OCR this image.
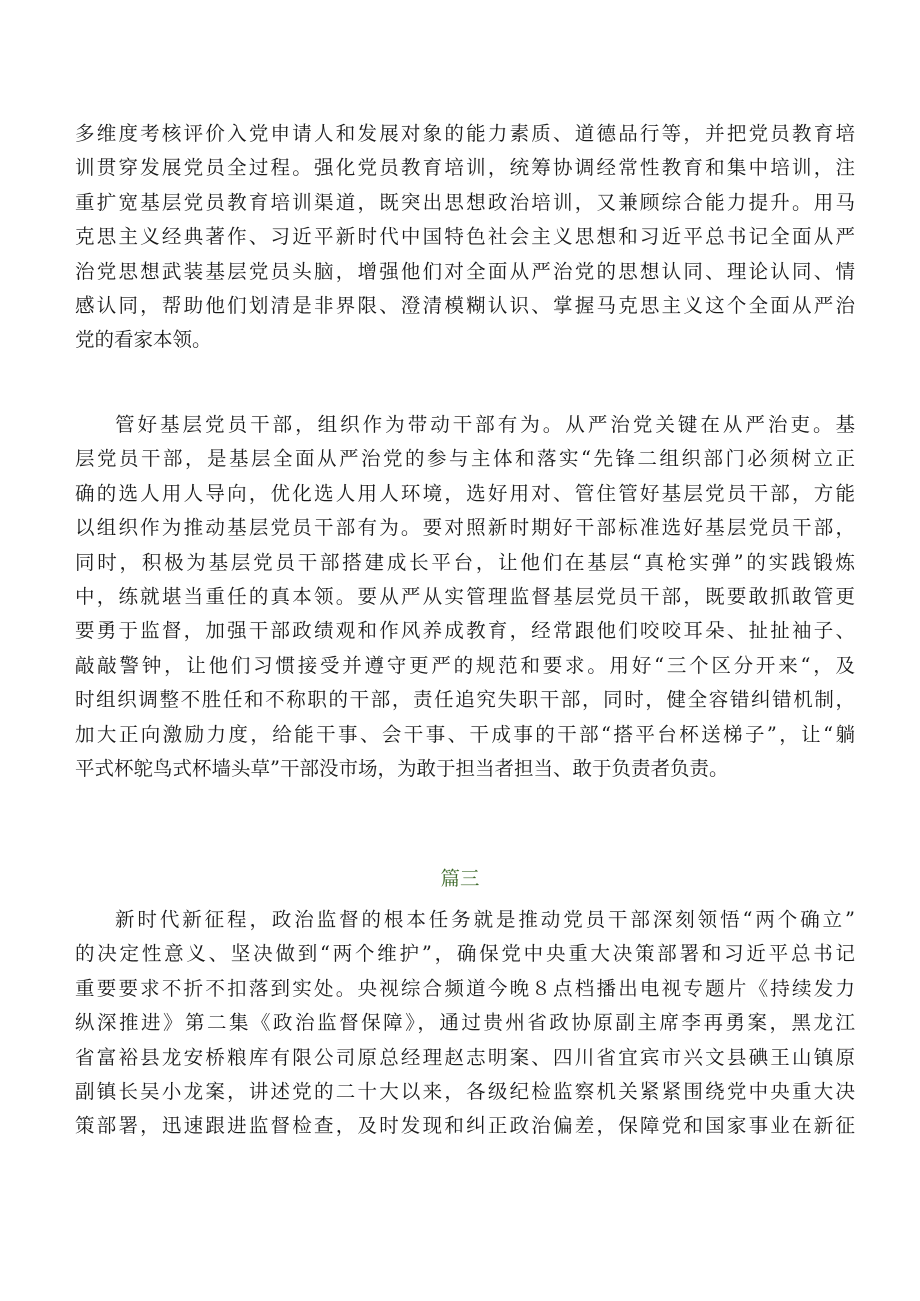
多维度考核评价入党申请人和发展对象的能力素质、道德品行等，并把党员教育培
训贯穿发展党员全过程。强化党员教育培训，统筹协调经常性教育和集中培训，注
重扩宽基层党员教育培训渠道，既突出思想政治培训，又兼顾综合能力提升。用马
克思主义经典著作、习近平新时代中国特色社会主义思想和习近平总书记全面从严
治党思想武装基层党员头脑，增强他们对全面从严治党的思想认同、理论认同、情
感认同，帮助他们划清是非界限、澄清模糊认识、掌握马克思主义这个全面从严治
党的看家本领。
管好基层党员干部，组织作为带动干部有为。从严治党关键在从严治吏。基
层党员干部，是基层全面从严治党的参与主体和落实“先锋二组织部门必须树立正
确的选人用人导向，优化选人用人环境，选好用对、管住管好基层党员干部，方能
以组织作为推动基层党员干部有为。要对照新时期好干部标准选好基层党员干部，
同时，积极为基层党员干部搭建成长平台，让他们在基层“真枪实弹”的实践锻炼
中，练就堪当重任的真本领。要从严从实管理监督基层党员干部，既要敢抓敢管更
要勇于监督，加强干部政绩观和作风养成教育，经常跟他们咬咬耳朵、扯扯袖子、
敲敲警钟，让他们习惯接受并遵守更严的规范和要求。用好“三个区分开来“，及
时组织调整不胜任和不称职的干部，责任追究失职干部，同时，健全容错纠错机制，
加大正向激励力度，给能干事、会干事、干成事的干部“搭平台杯送梯子”，让“躺
平式杯鸵鸟式杯墙头草”干部没市场，为敢于担当者担当、敢于负责者负责。
篇三
新时代新征程，政治监督的根本任务就是推动党员干部深刻领悟“两个确立”
的决定性意义、坚决做到“两个维护”，确保党中央重大决策部署和习近平总书记
重要要求不折不扣落到实处。央视综合频道今晚８点档播出电视专题片《持续发力
纵深推进》第二集《政治监督保障》，通过贵州省政协原副主席李再勇案，黑龙江
省富裕县龙安桥粮库有限公司原总经理赵志明案、四川省宜宾市兴文县碘王山镇原
副镇长吴小龙案，讲述党的二十大以来，各级纪检监察机关紧紧围绕党中央重大决
策部署，迅速跟进监督检查，及时发现和纠正政治偏差，保障党和国家事业在新征
